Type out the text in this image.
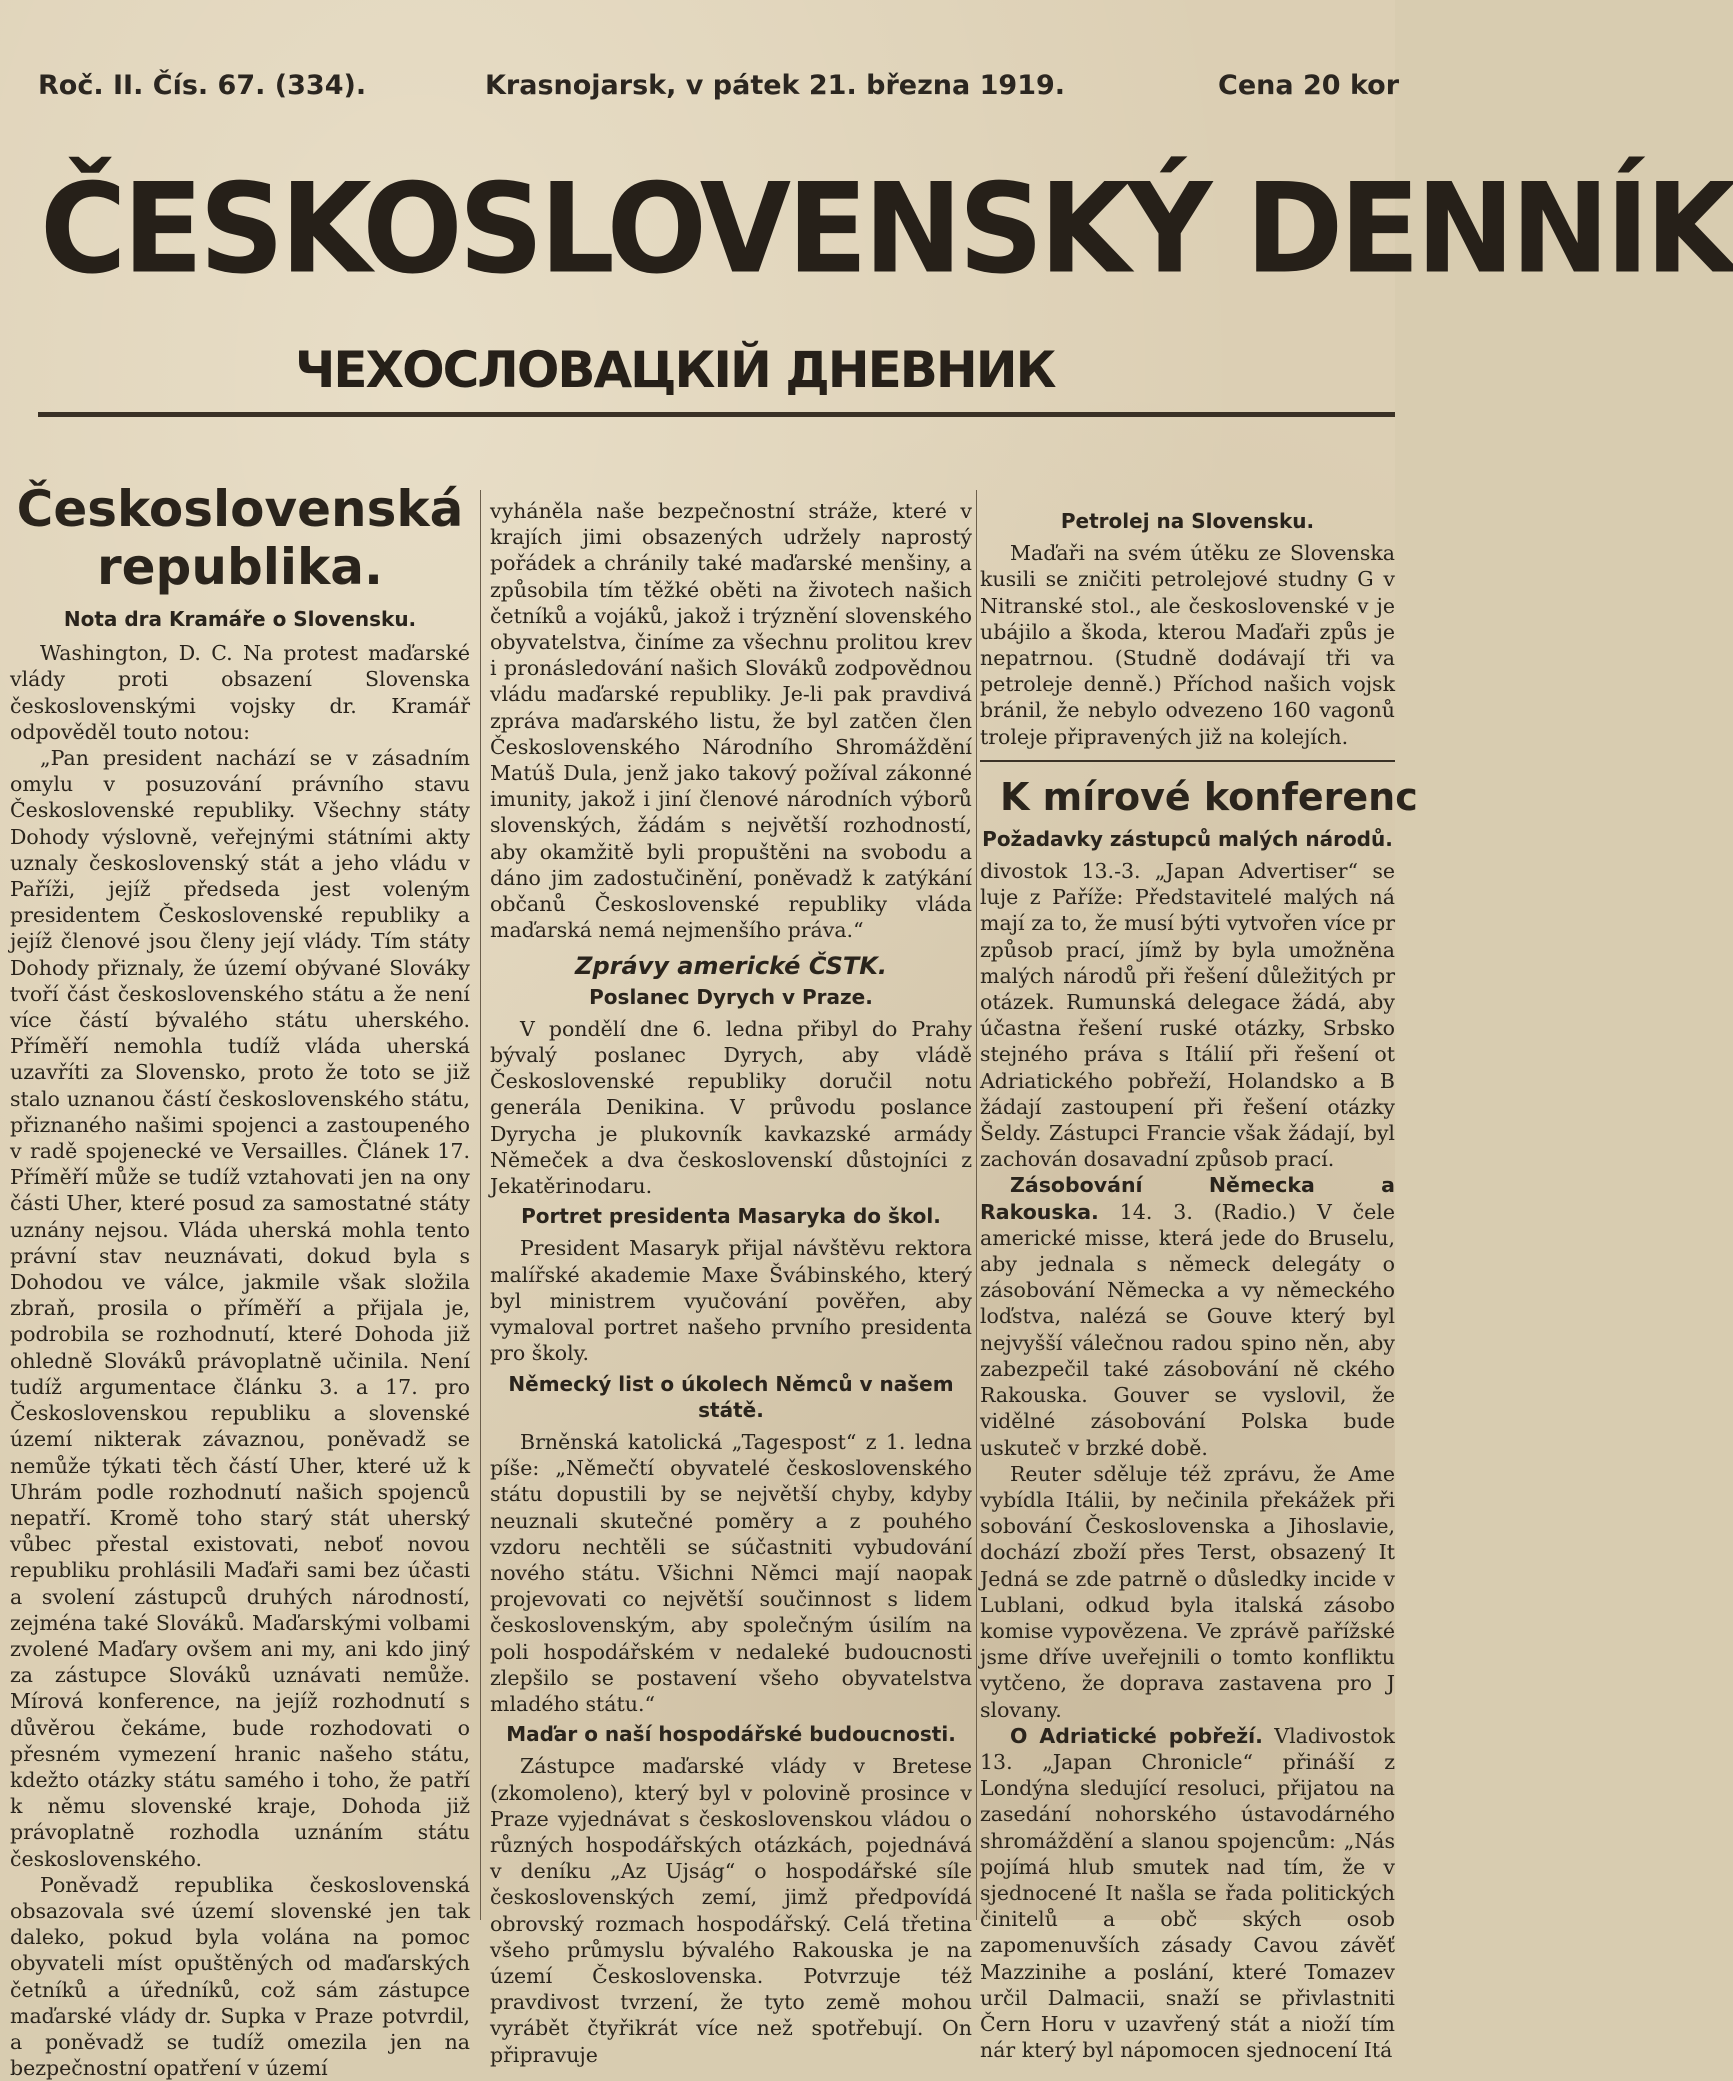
Roč. II. Čís. 67. (334).	Krasnojarsk, v pátek 21. března 1919.	Cena 20 kor
ČESKOSLOVENSKÝ DENNÍK
ЧЕХОСЛОВАЦКІЙ ДНЕВНИК
Československá
republika.
Nota dra Kramáře o Slovensku.

Washington, D. C. Na protest maďarské vlády proti obsazení Slovenska československými vojsky dr. Kramář odpověděl touto notou:

„Pan president nachází se v zásadním omylu v posuzování právního stavu Československé republiky. Všechny státy Dohody výslovně, veřejnými státními akty uznaly československý stát a jeho vládu v Paříži, jejíž předseda jest voleným presidentem Československé republiky a jejíž členové jsou členy její vlády. Tím státy Dohody přiznaly, že území obývané Slováky tvoří část československého státu a že není více částí bývalého státu uherského. Příměří nemohla tudíž vláda uherská uzavříti za Slovensko, proto že toto se již stalo uznanou částí československého státu, přiznaného našimi spojenci a zastoupeného v radě spojenecké ve Versailles. Článek 17. Příměří může se tudíž vztahovati jen na ony části Uher, které posud za samostatné státy uznány nejsou. Vláda uherská mohla tento právní stav neuznávati, dokud byla s Dohodou ve válce, jakmile však složila zbraň, prosila o příměří a přijala je, podrobila se rozhodnutí, které Dohoda již ohledně Slováků právoplatně učinila. Není tudíž argumentace článku 3. a 17. pro Československou republiku a slovenské území nikterak závaznou, poněvadž se nemůže týkati těch částí Uher, které už k Uhrám podle rozhodnutí našich spojenců nepatří. Kromě toho starý stát uherský vůbec přestal existovati, neboť novou republiku prohlásili Maďaři sami bez účasti a svolení zástupců druhých národností, zejména také Slováků. Maďarskými volbami zvolené Maďary ovšem ani my, ani kdo jiný za zástupce Slováků uznávati nemůže. Mírová konference, na jejíž rozhodnutí s důvěrou čekáme, bude rozhodovati o přesném vymezení hranic našeho státu, kdežto otázky státu samého i toho, že patří k němu slovenské kraje, Dohoda již právoplatně rozhodla uznáním státu československého.

Poněvadž republika československá obsazovala své území slovenské jen tak daleko, pokud byla volána na pomoc obyvateli míst opuštěných od maďarských četníků a úředníků, což sám zástupce maďarské vlády dr. Supka v Praze potvrdil, a poněvadž se tudíž omezila jen na bezpečnostní opatření v území

vyháněla naše bezpečnostní stráže, které v krajích jimi obsazených udržely naprostý pořádek a chránily také maďarské menšiny, a způsobila tím těžké oběti na životech našich četníků a vojáků, jakož i trýznění slovenského obyvatelstva, činíme za všechnu prolitou krev i pronásledování našich Slováků zodpovědnou vládu maďarské republiky. Je-li pak pravdivá zpráva maďarského listu, že byl zatčen člen Československého Národního Shromáždění Matúš Dula, jenž jako takový požíval zákonné imunity, jakož i jiní členové národních výborů slovenských, žádám s největší rozhodností, aby okamžitě byli propuštěni na svobodu a dáno jim zadostučinění, poněvadž k zatýkání občanů Československé republiky vláda maďarská nemá nejmenšího práva.“

Zprávy americké ČSTK.
Poslanec Dyrych v Praze.

V pondělí dne 6. ledna přibyl do Prahy bývalý poslanec Dyrych, aby vládě Československé republiky doručil notu generála Denikina. V průvodu poslance Dyrycha je plukovník kavkazské armády Němeček a dva československí důstojníci z Jekatěrinodaru.

Portret presidenta Masaryka do škol.

President Masaryk přijal návštěvu rektora malířské akademie Maxe Švábinského, který byl ministrem vyučování pověřen, aby vymaloval portret našeho prvního presidenta pro školy.

Německý list o úkolech Němců v našem státě.

Brněnská katolická „Tagespost“ z 1. ledna píše: „Němečtí obyvatelé československého státu dopustili by se největší chyby, kdyby neuznali skutečné poměry a z pouhého vzdoru nechtěli se súčastniti vybudování nového státu. Všichni Němci mají naopak projevovati co největší součinnost s lidem československým, aby společným úsilím na poli hospodářském v nedaleké budoucnosti zlepšilo se postavení všeho obyvatelstva mladého státu.“

Maďar o naší hospodářské budoucnosti.

Zástupce maďarské vlády v Bretese (zkomoleno), který byl v polovině prosince v Praze vyjednávat s československou vládou o různých hospodářských otázkách, pojednává v deníku „Az Ujság“ o hospodářské síle československých zemí, jimž předpovídá obrovský rozmach hospodářský. Celá třetina všeho průmyslu bývalého Rakouska je na území Československa. Potvrzuje též pravdivost tvrzení, že tyto země mohou vyrábět čtyřikrát více než spotřebují. On připravuje

Petrolej na Slovensku.

Maďaři na svém útěku ze Slovenska kusili se zničiti petrolejové studny G v Nitranské stol., ale československé v je ubájilo a škoda, kterou Maďaři způs je nepatrnou. (Studně dodávají tři va petroleje denně.) Příchod našich vojsk bránil, že nebylo odvezeno 160 vagonů troleje připravených již na kolejích.

K mírové konferenc
Požadavky zástupců malých národů.

divostok 13.-3. „Japan Advertiser“ se luje z Paříže: Představitelé malých ná mají za to, že musí býti vytvořen více pr způsob prací, jímž by byla umožněna malých národů při řešení důležitých pr otázek. Rumunská delegace žádá, aby účastna řešení ruské otázky, Srbsko stejného práva s Itálií při řešení ot Adriatického pobřeží, Holandsko a B žádají zastoupení při řešení otázky Šeldy. Zástupci Francie však žádají, byl zachován dosavadní způsob prací.

Zásobování Německa a Rakouska. 14. 3. (Radio.) V čele americké misse, která jede do Bruselu, aby jednala s německ delegáty o zásobování Německa a vy německého loďstva, nalézá se Gouve který byl nejvyšší válečnou radou spino něn, aby zabezpečil také zásobování ně ckého Rakouska. Gouver se vyslovil, že vidělné zásobování Polska bude uskuteč v brzké době.

Reuter sděluje též zprávu, že Ame vybídla Itálii, by nečinila překážek při sobování Československa a Jihoslavie, dochází zboží přes Terst, obsazený It Jedná se zde patrně o důsledky incide v Lublani, odkud byla italská zásobo komise vypovězena. Ve zprávě pařížské jsme dříve uveřejnili o tomto konfliktu vytčeno, že doprava zastavena pro J slovany.

O Adriatické pobřeží. Vladivostok 13. „Japan Chronicle“ přináší z Londýna sledující resoluci, přijatou na zasedání nohorského ústavodárného shromáždění a slanou spojencům: „Nás pojímá hlub smutek nad tím, že v sjednocené It našla se řada politických činitelů a obč ských osob zapomenuvších zásady Cavou závěť Mazzinihe a poslání, které Tomazev určil Dalmacii, snaží se přivlastniti Čern Horu v uzavřený stát a nioží tím nár který byl nápomocen sjednocení Itá
